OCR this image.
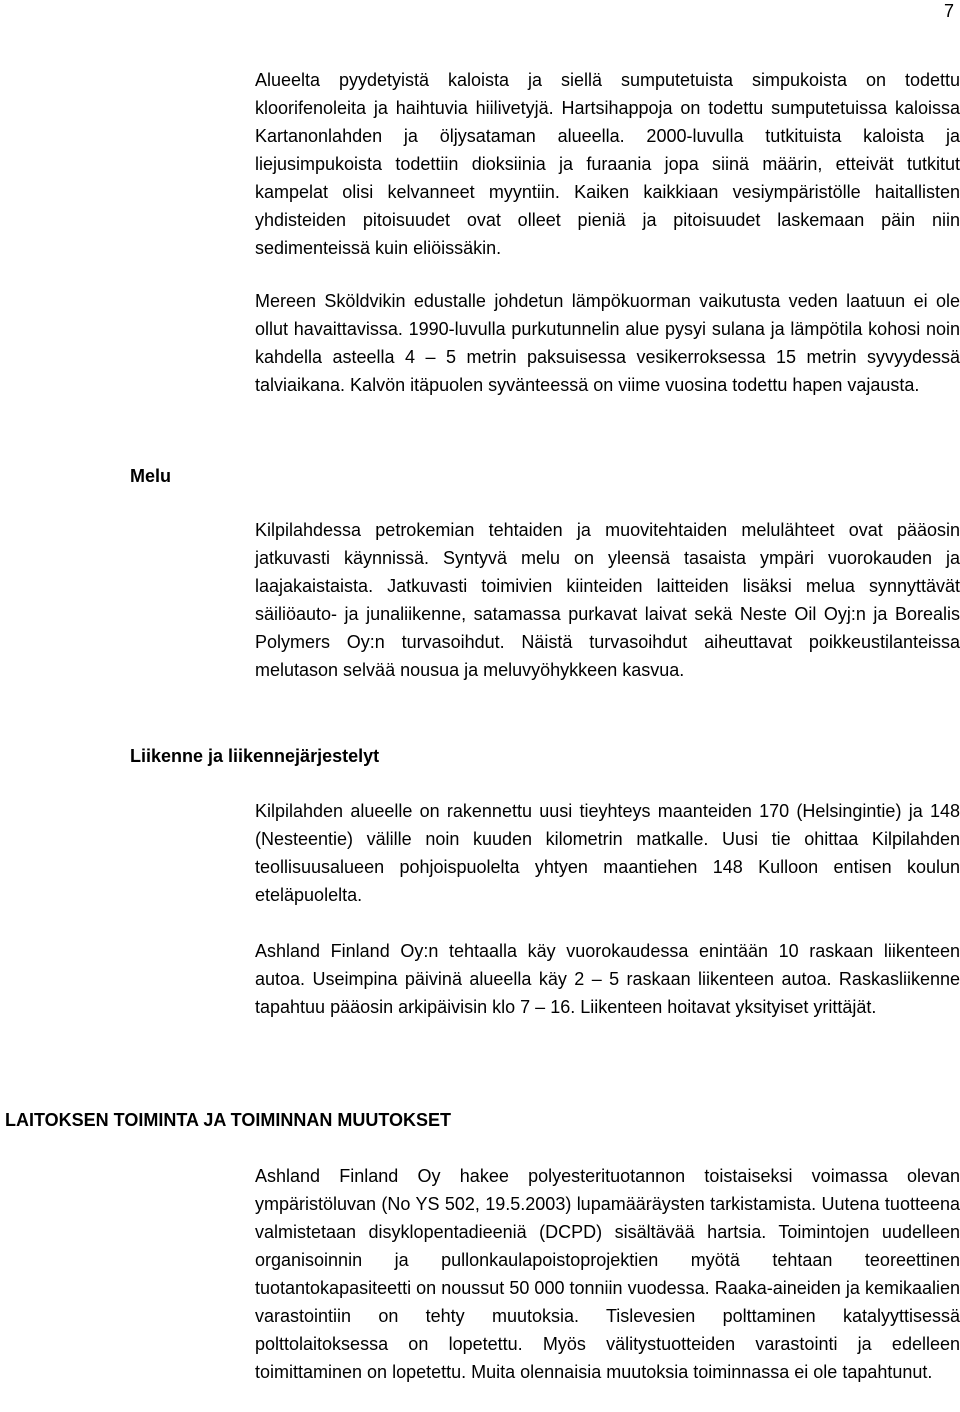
7

Alueelta pyydetyistä kaloista ja siellä sumputetuista simpukoista on todettu kloorifenoleita ja haihtuvia hiilivetyjä. Hartsihappoja on todettu sumputetuissa kaloissa Kartanonlahden ja öljysataman alueella. 2000-luvulla tutkituista kaloista ja liejusimpukoista todettiin dioksiinia ja furaania jopa siinä määrin, etteivät tutkitut kampelat olisi kelvanneet myyntiin. Kaiken kaikkiaan vesiympäristölle haitallisten yhdisteiden pitoisuudet ovat olleet pieniä ja pitoisuudet laskemaan päin niin sedimenteissä kuin eliöissäkin.

Mereen Sköldvikin edustalle johdetun lämpökuorman vaikutusta veden laatuun ei ole ollut havaittavissa. 1990-luvulla purkutunnelin alue pysyi sulana ja lämpötila kohosi noin kahdella asteella 4 – 5 metrin paksuisessa vesikerroksessa 15 metrin syvyydessä talviaikana. Kalvön itäpuolen syvänteessä on viime vuosina todettu hapen vajausta.

Melu

Kilpilahdessa petrokemian tehtaiden ja muovitehtaiden melulähteet ovat pääosin jatkuvasti käynnissä. Syntyvä melu on yleensä tasaista ympäri vuorokauden ja laajakaistaista. Jatkuvasti toimivien kiinteiden laitteiden lisäksi melua synnyttävät säiliöauto- ja junaliikenne, satamassa purkavat laivat sekä Neste Oil Oyj:n ja Borealis Polymers Oy:n turvasoihdut. Näistä turvasoihdut aiheuttavat poikkeustilanteissa melutason selvää nousua ja meluvyöhykkeen kasvua.

Liikenne ja liikennejärjestelyt

Kilpilahden alueelle on rakennettu uusi tieyhteys maanteiden 170 (Helsingintie) ja 148 (Nesteentie) välille noin kuuden kilometrin matkalle. Uusi tie ohittaa Kilpilahden teollisuusalueen pohjoispuolelta yhtyen maantiehen 148 Kulloon entisen koulun eteläpuolelta.

Ashland Finland Oy:n tehtaalla käy vuorokaudessa enintään 10 raskaan liikenteen autoa. Useimpina päivinä alueella käy 2 – 5 raskaan liikenteen autoa. Raskasliikenne tapahtuu pääosin arkipäivisin klo 7 – 16. Liikenteen hoitavat yksityiset yrittäjät.

LAITOKSEN TOIMINTA JA TOIMINNAN MUUTOKSET

Ashland Finland Oy hakee polyesterituotannon toistaiseksi voimassa olevan ympäristöluvan (No YS 502, 19.5.2003) lupamääräysten tarkistamista. Uutena tuotteena valmistetaan disyklopentadieeniä (DCPD) sisältävää hartsia. Toimintojen uudelleen organisoinnin ja pullonkaulapoistoprojektien myötä tehtaan teoreettinen tuotantokapasiteetti on noussut 50 000 tonniin vuodessa. Raaka-aineiden ja kemikaalien varastointiin on tehty muutoksia. Tislevesien polttaminen katalyyttisessä polttolaitoksessa on lopetettu. Myös välitystuotteiden varastointi ja edelleen toimittaminen on lopetettu. Muita olennaisia muutoksia toiminnassa ei ole tapahtunut.
